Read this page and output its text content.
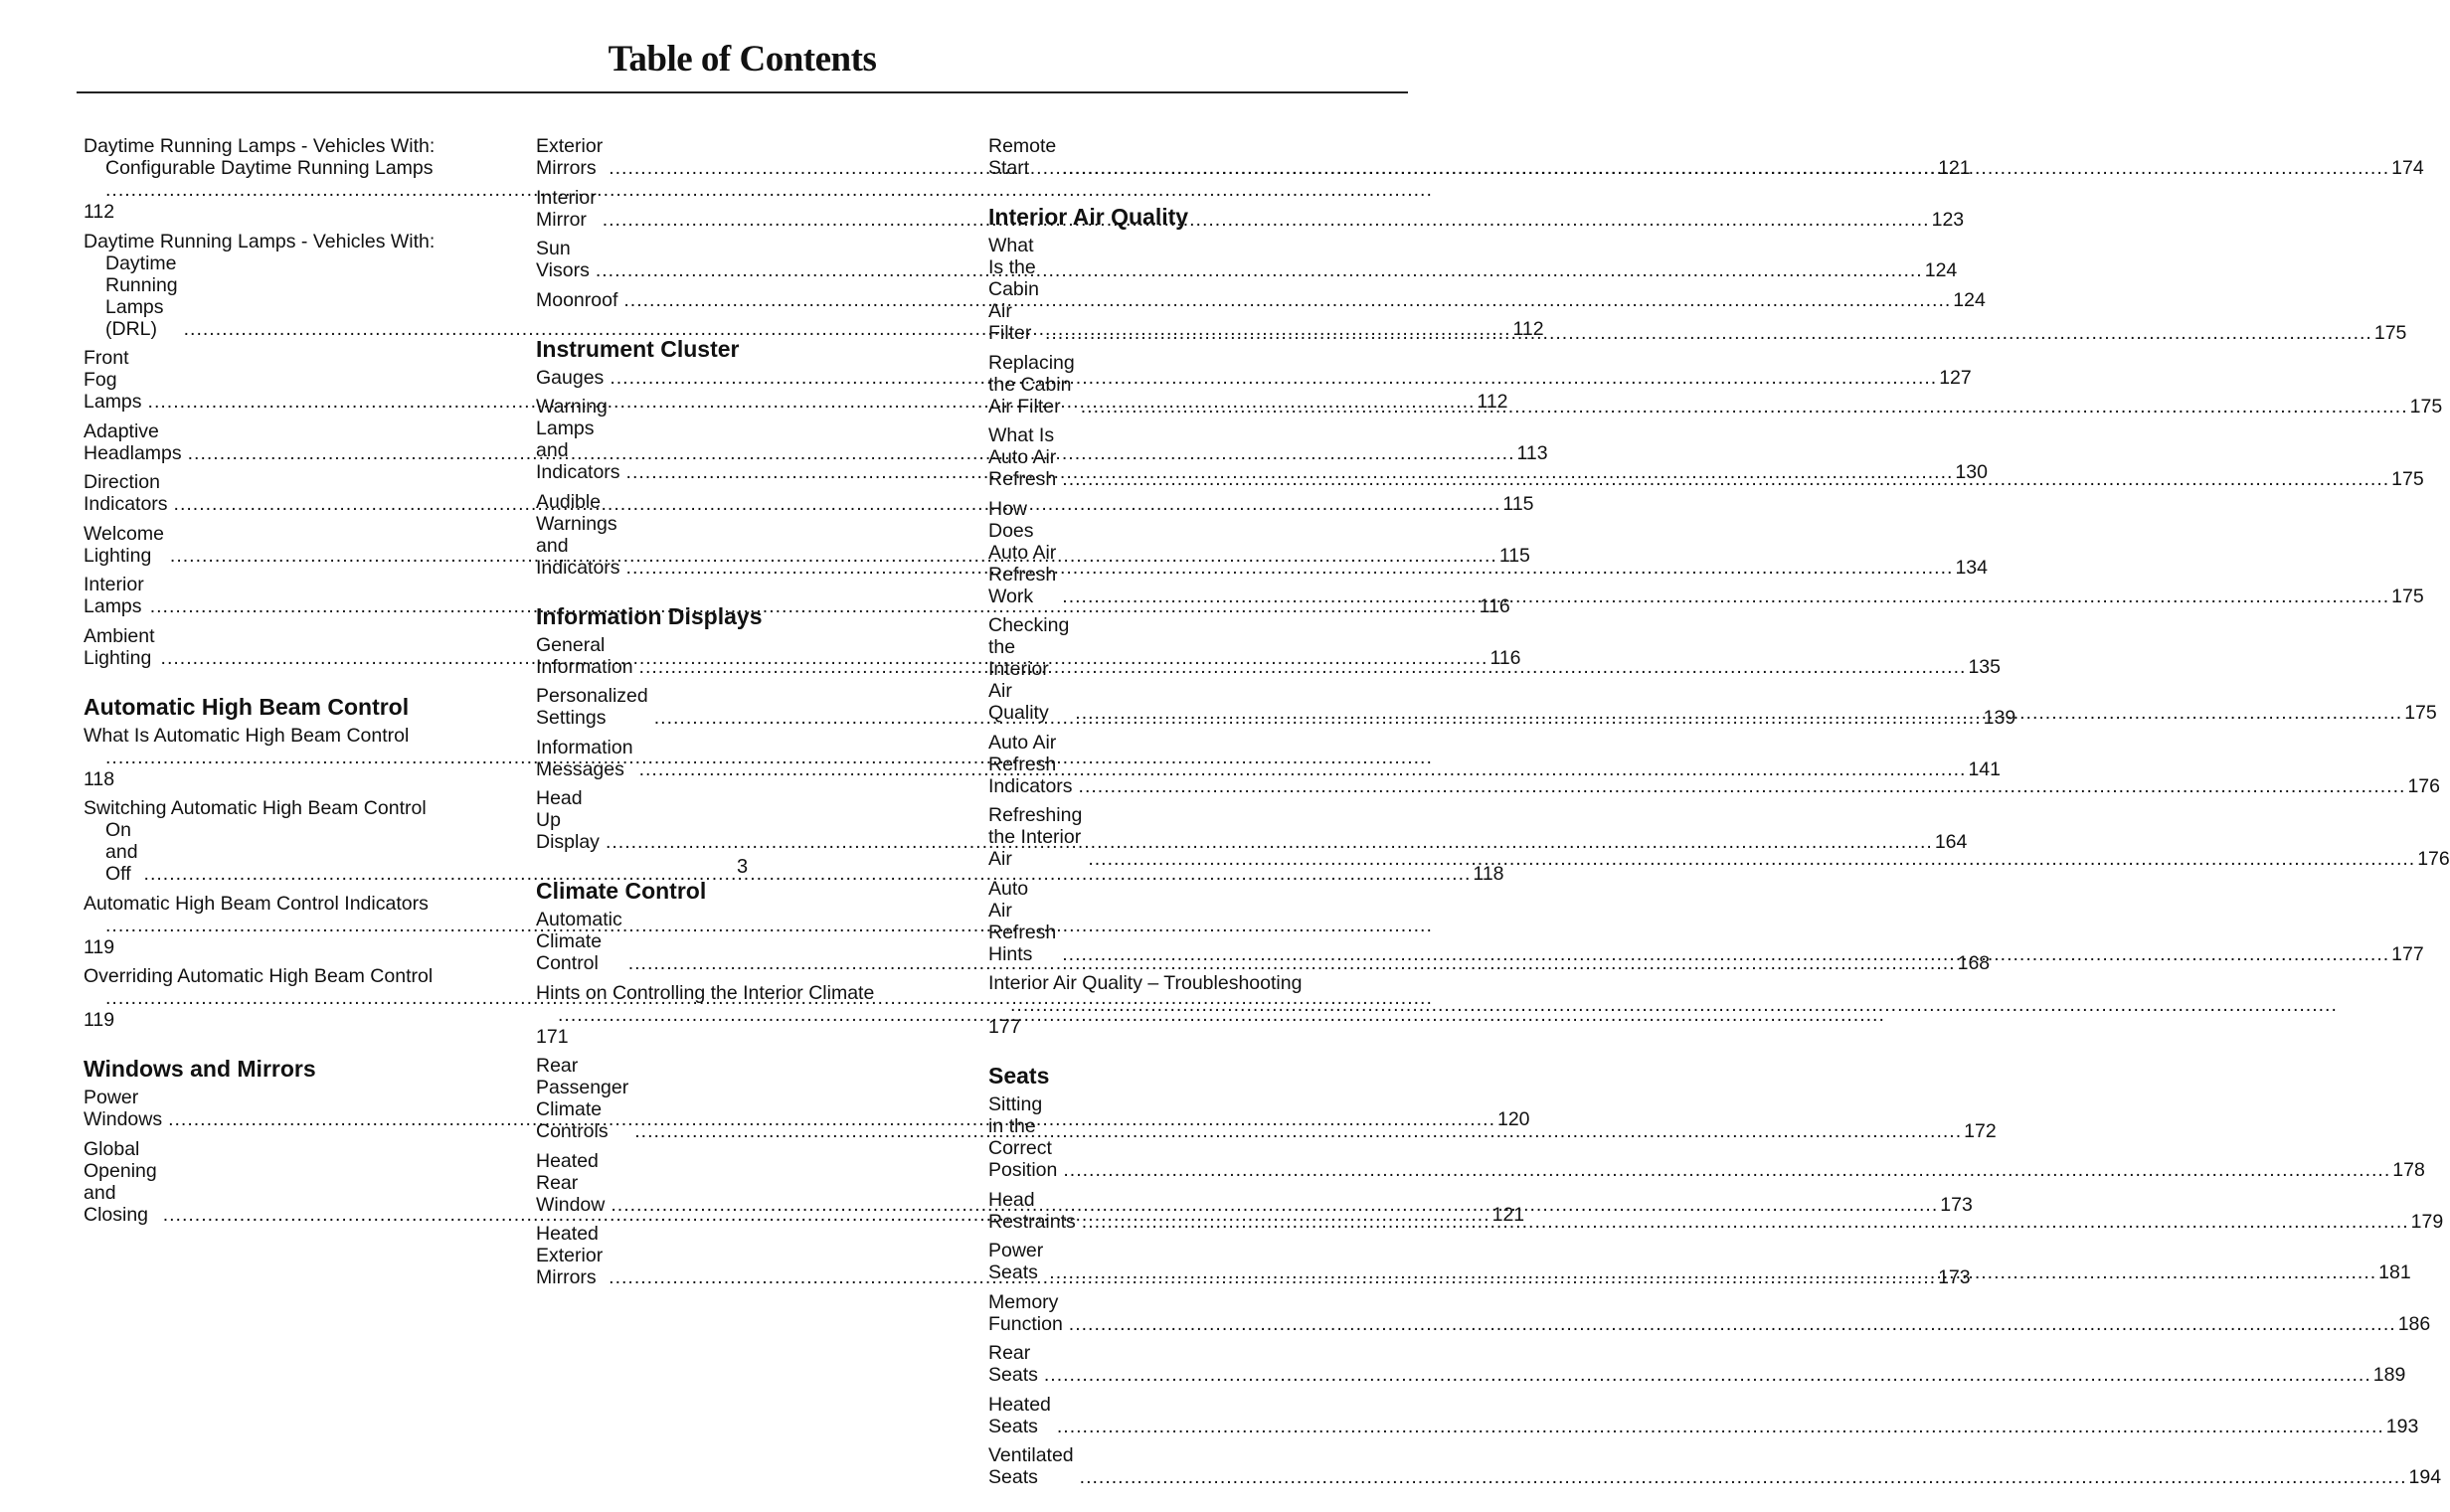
Table of Contents
Daytime Running Lamps - Vehicles With:
Configurable Daytime Running Lamps
.....
112
Daytime Running Lamps - Vehicles With:
Daytime Running Lamps (DRL) .....	112
Front Fog Lamps .....	112
Adaptive Headlamps .....	113
Direction Indicators .....	115
Welcome Lighting .....	115
Interior Lamps .....	116
Ambient Lighting .....	116
Automatic High Beam Control
What Is Automatic High Beam Control
.....
118
Switching Automatic High Beam Control
On and Off .....	118
Automatic High Beam Control Indicators
.....
119
Overriding Automatic High Beam Control
.....
119
Windows and Mirrors
Power Windows .....	120
Global Opening and Closing .....	121
Exterior Mirrors .....	121
Interior Mirror .....	123
Sun Visors .....	124
Moonroof .....	124
Instrument Cluster
Gauges .....	127
Warning Lamps and Indicators .....	130
Audible Warnings and Indicators .....	134
Information Displays
General Information .....	135
Personalized Settings .....	139
Information Messages .....	141
Head Up Display .....	164
Climate Control
Automatic Climate Control .....	168
Hints on Controlling the Interior Climate
.....
171
Rear Passenger Climate Controls .....	172
Heated Rear Window .....	173
Heated Exterior Mirrors .....	173
Remote Start .....	174
Interior Air Quality
What Is the Cabin Air Filter .....	175
Replacing the Cabin Air Filter .....	175
What Is Auto Air Refresh .....	175
How Does Auto Air Refresh Work .....	175
Checking the Interior Air Quality .....	175
Auto Air Refresh Indicators .....	176
Refreshing the Interior Air .....	176
Auto Air Refresh Hints .....	177
Interior Air Quality – Troubleshooting
.....
177
Seats
Sitting in the Correct Position .....	178
Head Restraints .....	179
Power Seats .....	181
Memory Function .....	186
Rear Seats .....	189
Heated Seats .....	193
Ventilated Seats .....	194
3
